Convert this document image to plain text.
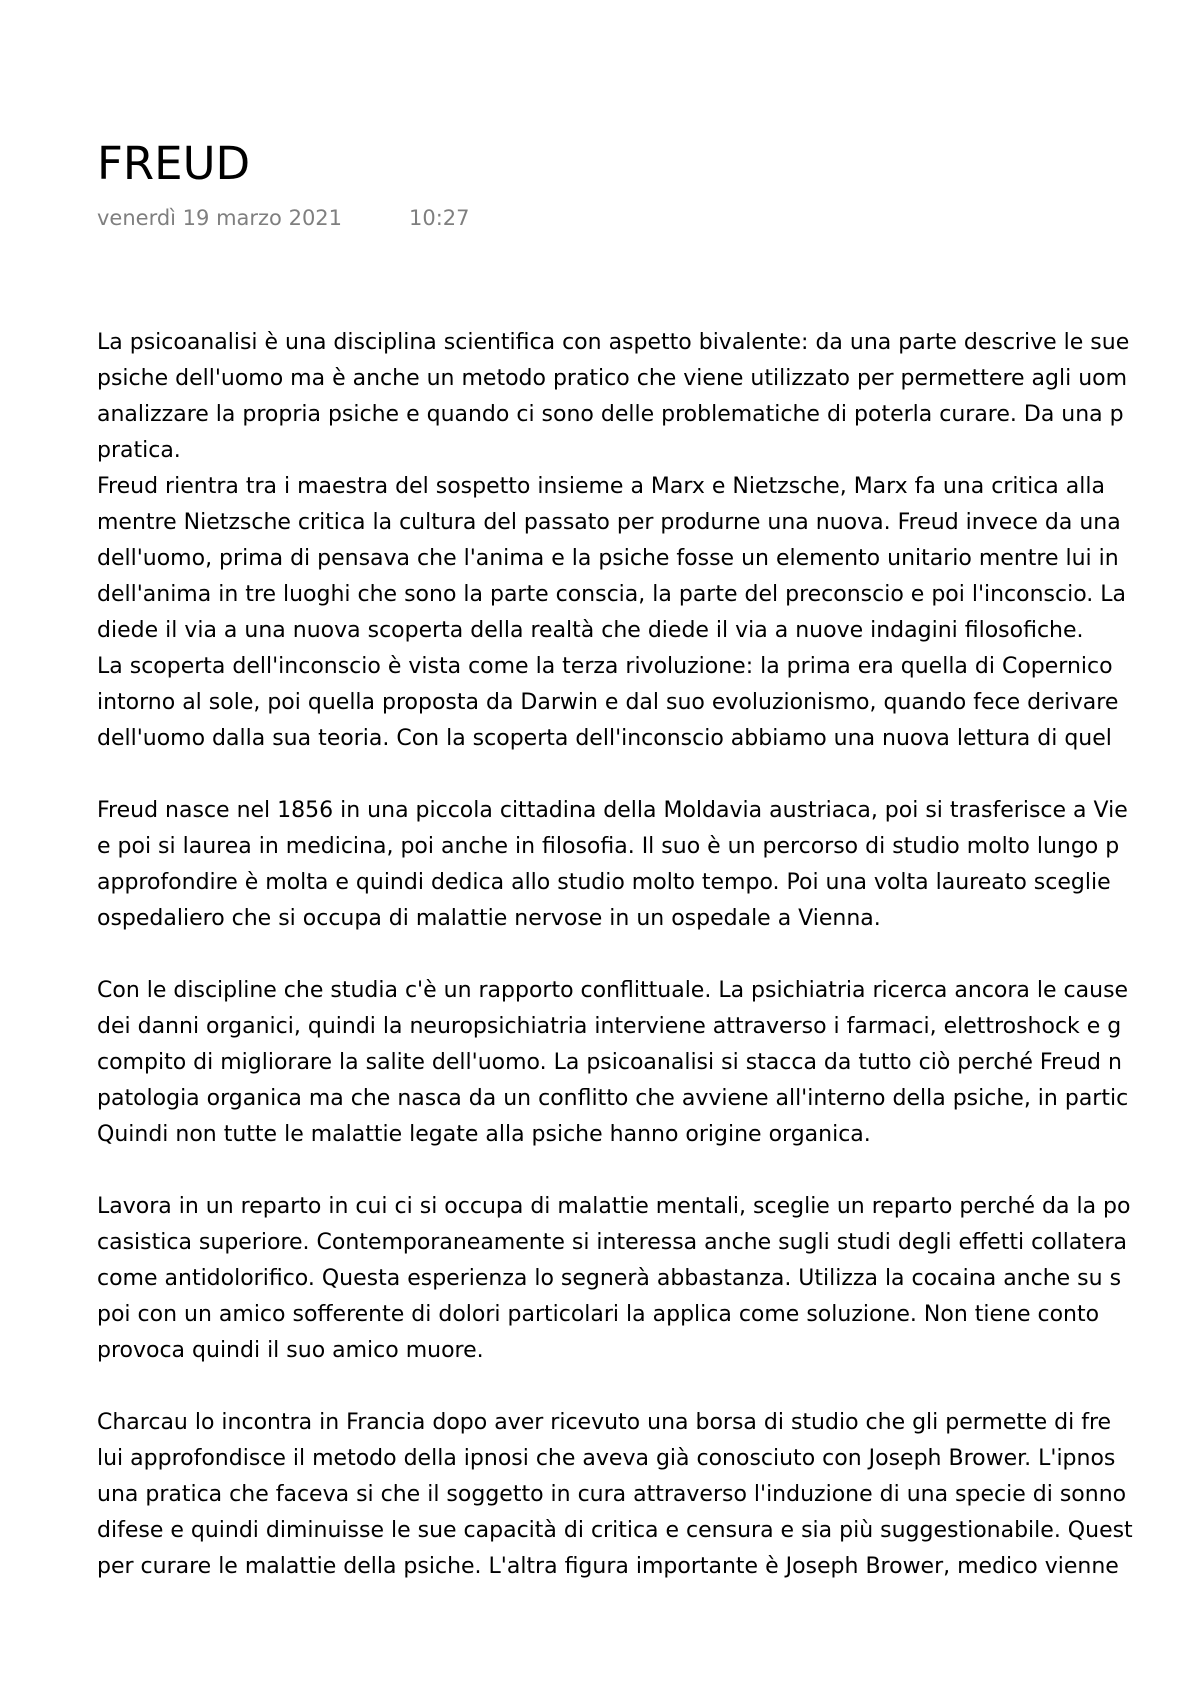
FREUD
venerdì 19 marzo 2021	10:27
La psicoanalisi è una disciplina scientifica con aspetto bivalente: da una parte descrive le sue
psiche dell'uomo ma è anche un metodo pratico che viene utilizzato per permettere agli uom
analizzare la propria psiche e quando ci sono delle problematiche di poterla curare. Da una p
pratica.
Freud rientra tra i maestra del sospetto insieme a Marx e Nietzsche, Marx fa una critica alla
mentre Nietzsche critica la cultura del passato per produrne una nuova. Freud invece da una
dell'uomo, prima di pensava che l'anima e la psiche fosse un elemento unitario mentre lui in
dell'anima in tre luoghi che sono la parte conscia, la parte del preconscio e poi l'inconscio. La
diede il via a una nuova scoperta della realtà che diede il via a nuove indagini filosofiche.
La scoperta dell'inconscio è vista come la terza rivoluzione: la prima era quella di Copernico
intorno al sole, poi quella proposta da Darwin e dal suo evoluzionismo, quando fece derivare
dell'uomo dalla sua teoria. Con la scoperta dell'inconscio abbiamo una nuova lettura di quel
Freud nasce nel 1856 in una piccola cittadina della Moldavia austriaca, poi si trasferisce a Vie
e poi si laurea in medicina, poi anche in filosofia. Il suo è un percorso di studio molto lungo p
approfondire è molta e quindi dedica allo studio molto tempo. Poi una volta laureato sceglie
ospedaliero che si occupa di malattie nervose in un ospedale a Vienna.
Con le discipline che studia c'è un rapporto conflittuale. La psichiatria ricerca ancora le cause
dei danni organici, quindi la neuropsichiatria interviene attraverso i farmaci, elettroshock e g
compito di migliorare la salite dell'uomo. La psicoanalisi si stacca da tutto ciò perché Freud n
patologia organica ma che nasca da un conflitto che avviene all'interno della psiche, in partic
Quindi non tutte le malattie legate alla psiche hanno origine organica.
Lavora in un reparto in cui ci si occupa di malattie mentali, sceglie un reparto perché da la po
casistica superiore. Contemporaneamente si interessa anche sugli studi degli effetti collatera
come antidolorifico. Questa esperienza lo segnerà abbastanza. Utilizza la cocaina anche su s
poi con un amico sofferente di dolori particolari la applica come soluzione. Non tiene conto
provoca quindi il suo amico muore.
Charcau lo incontra in Francia dopo aver ricevuto una borsa di studio che gli permette di fre
lui approfondisce il metodo della ipnosi che aveva già conosciuto con Joseph Brower. L'ipnos
una pratica che faceva si che il soggetto in cura attraverso l'induzione di una specie di sonno
difese e quindi diminuisse le sue capacità di critica e censura e sia più suggestionabile. Quest
per curare le malattie della psiche. L'altra figura importante è Joseph Brower, medico vienne
